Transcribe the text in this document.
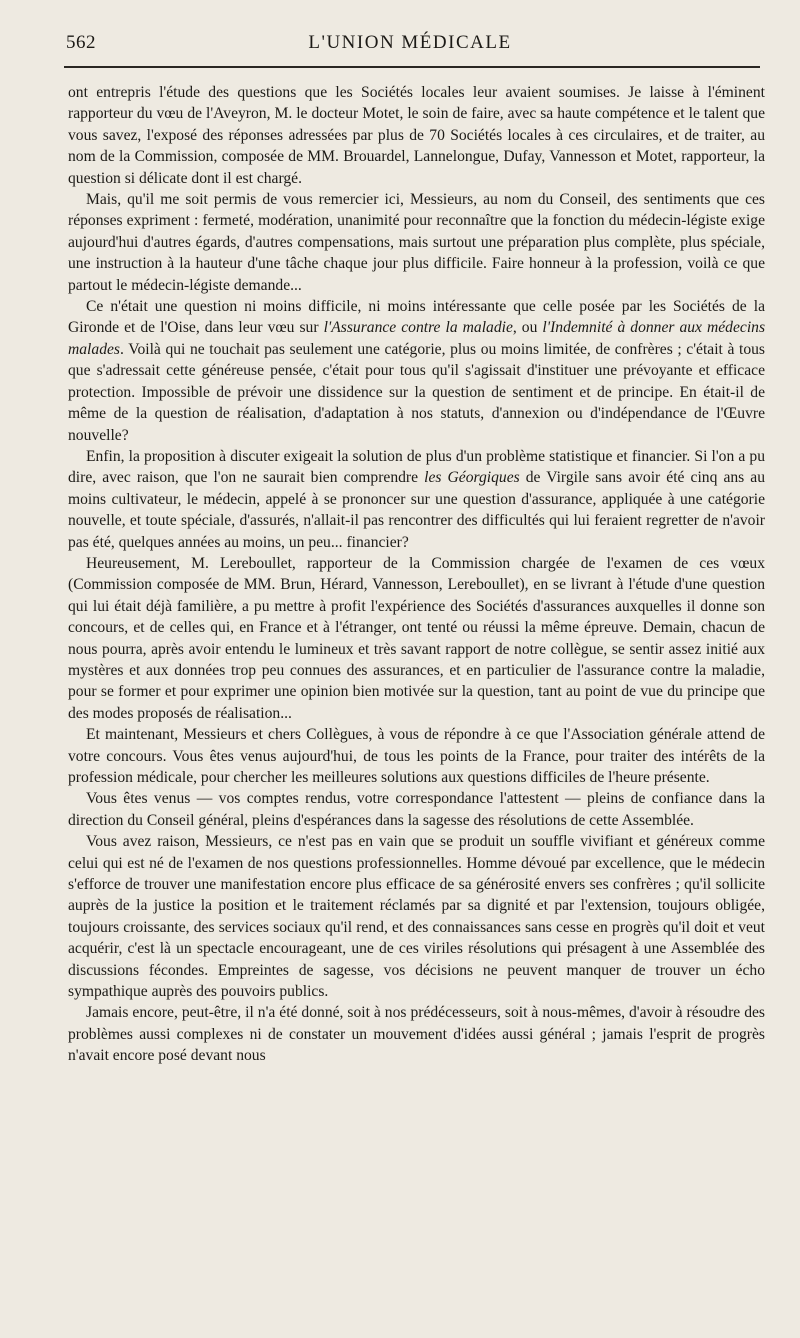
562	L'UNION MÉDICALE

ont entrepris l'étude des questions que les Sociétés locales leur avaient soumises. Je laisse à l'éminent rapporteur du vœu de l'Aveyron, M. le docteur Motet, le soin de faire, avec sa haute compétence et le talent que vous savez, l'exposé des réponses adressées par plus de 70 Sociétés locales à ces circulaires, et de traiter, au nom de la Commission, composée de MM. Brouardel, Lannelongue, Dufay, Vannesson et Motet, rapporteur, la question si délicate dont il est chargé.

Mais, qu'il me soit permis de vous remercier ici, Messieurs, au nom du Conseil, des sentiments que ces réponses expriment : fermeté, modération, unanimité pour reconnaître que la fonction du médecin-légiste exige aujourd'hui d'autres égards, d'autres compensations, mais surtout une préparation plus complète, plus spéciale, une instruction à la hauteur d'une tâche chaque jour plus difficile. Faire honneur à la profession, voilà ce que partout le médecin-légiste demande...

Ce n'était une question ni moins difficile, ni moins intéressante que celle posée par les Sociétés de la Gironde et de l'Oise, dans leur vœu sur l'Assurance contre la maladie, ou l'Indemnité à donner aux médecins malades. Voilà qui ne touchait pas seulement une catégorie, plus ou moins limitée, de confrères ; c'était à tous que s'adressait cette généreuse pensée, c'était pour tous qu'il s'agissait d'instituer une prévoyante et efficace protection. Impossible de prévoir une dissidence sur la question de sentiment et de principe. En était-il de même de la question de réalisation, d'adaptation à nos statuts, d'annexion ou d'indépendance de l'Œuvre nouvelle?

Enfin, la proposition à discuter exigeait la solution de plus d'un problème statistique et financier. Si l'on a pu dire, avec raison, que l'on ne saurait bien comprendre les Géorgiques de Virgile sans avoir été cinq ans au moins cultivateur, le médecin, appelé à se prononcer sur une question d'assurance, appliquée à une catégorie nouvelle, et toute spéciale, d'assurés, n'allait-il pas rencontrer des difficultés qui lui feraient regretter de n'avoir pas été, quelques années au moins, un peu... financier?

Heureusement, M. Lereboullet, rapporteur de la Commission chargée de l'examen de ces vœux (Commission composée de MM. Brun, Hérard, Vannesson, Lereboullet), en se livrant à l'étude d'une question qui lui était déjà familière, a pu mettre à profit l'expérience des Sociétés d'assurances auxquelles il donne son concours, et de celles qui, en France et à l'étranger, ont tenté ou réussi la même épreuve. Demain, chacun de nous pourra, après avoir entendu le lumineux et très savant rapport de notre collègue, se sentir assez initié aux mystères et aux données trop peu connues des assurances, et en particulier de l'assurance contre la maladie, pour se former et pour exprimer une opinion bien motivée sur la question, tant au point de vue du principe que des modes proposés de réalisation...

Et maintenant, Messieurs et chers Collègues, à vous de répondre à ce que l'Association générale attend de votre concours. Vous êtes venus aujourd'hui, de tous les points de la France, pour traiter des intérêts de la profession médicale, pour chercher les meilleures solutions aux questions difficiles de l'heure présente.

Vous êtes venus — vos comptes rendus, votre correspondance l'attestent — pleins de confiance dans la direction du Conseil général, pleins d'espérances dans la sagesse des résolutions de cette Assemblée.

Vous avez raison, Messieurs, ce n'est pas en vain que se produit un souffle vivifiant et généreux comme celui qui est né de l'examen de nos questions professionnelles. Homme dévoué par excellence, que le médecin s'efforce de trouver une manifestation encore plus efficace de sa générosité envers ses confrères ; qu'il sollicite auprès de la justice la position et le traitement réclamés par sa dignité et par l'extension, toujours obligée, toujours croissante, des services sociaux qu'il rend, et des connaissances sans cesse en progrès qu'il doit et veut acquérir, c'est là un spectacle encourageant, une de ces viriles résolutions qui présagent à une Assemblée des discussions fécondes. Empreintes de sagesse, vos décisions ne peuvent manquer de trouver un écho sympathique auprès des pouvoirs publics.

Jamais encore, peut-être, il n'a été donné, soit à nos prédécesseurs, soit à nous-mêmes, d'avoir à résoudre des problèmes aussi complexes ni de constater un mouvement d'idées aussi général ; jamais l'esprit de progrès n'avait encore posé devant nous
